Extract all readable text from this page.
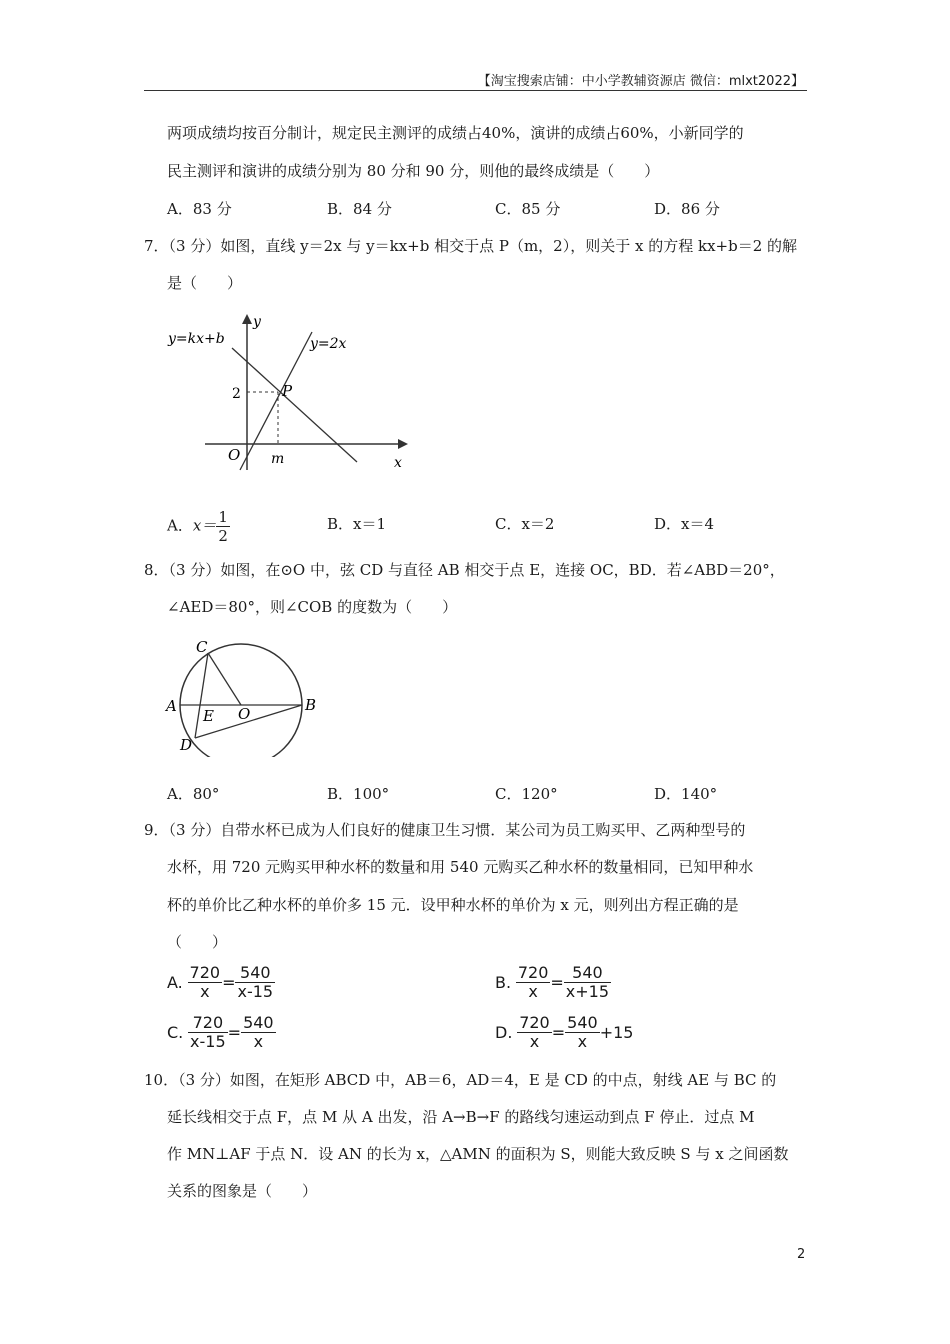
【淘宝搜索店铺：中小学教辅资源店 微信：mlxt2022】
两项成绩均按百分制计，规定民主测评的成绩占40%，演讲的成绩占60%，小新同学的
民主测评和演讲的成绩分别为 80 分和 90 分，则他的最终成绩是（　　）
A．83 分	B．84 分	C．85 分	D．86 分
7．（3 分）如图，直线 y＝2x 与 y＝kx+b 相交于点 P（m，2），则关于 x 的方程 kx+b＝2 的解
是（　　）
y=kx+b	y=2x
y
x
O
P
2
m
A．$x= \frac{1}{2}$	B．x＝1	C．x＝2	D．x＝4
8．（3 分）如图，在⊙O 中，弦 CD 与直径 AB 相交于点 E，连接 OC，BD．若∠ABD＝20°，
∠AED＝80°，则∠COB 的度数为（　　）
A	B
C
D
E O
A．80°	B．100°	C．120°	D．140°
9．（3 分）自带水杯已成为人们良好的健康卫生习惯．某公司为员工购买甲、乙两种型号的
水杯，用 720 元购买甲种水杯的数量和用 540 元购买乙种水杯的数量相同，已知甲种水
杯的单价比乙种水杯的单价多 15 元．设甲种水杯的单价为 x 元，则列出方程正确的是
（　　）
A. $\frac{720}{x} = \frac{540}{x-15}$	B. $\frac{720}{x} = \frac{540}{x+15}$
C. $\frac{720}{x-15} = \frac{540}{x}$	D. $\frac{720}{x} = \frac{540}{x} +15$
10．（3 分）如图，在矩形 ABCD 中，AB＝6，AD＝4，E 是 CD 的中点，射线 AE 与 BC 的
延长线相交于点 F，点 M 从 A 出发，沿 A→B→F 的路线匀速运动到点 F 停止．过点 M
作 MN⊥AF 于点 N．设 AN 的长为 x，△AMN 的面积为 S，则能大致反映 S 与 x 之间函数
关系的图象是（　　）
2
